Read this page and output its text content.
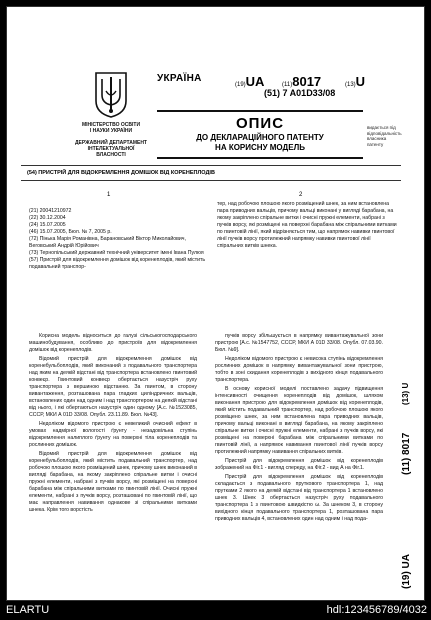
МІНІСТЕРСТВО ОСВІТИ
І НАУКИ УКРАЇНИ
ДЕРЖАВНИЙ ДЕПАРТАМЕНТ
ІНТЕЛЕКТУАЛЬНОЇ
ВЛАСНОСТІ
УКРАЇНА
(19)UA	(11)8017	(13)U
(51) 7 A01D33/08
ОПИС
ДО ДЕКЛАРАЦІЙНОГО ПАТЕНТУ
НА КОРИСНУ МОДЕЛЬ
видається під
відповідальність
власника
патенту
(54) ПРИСТРІЙ ДЛЯ ВІДОКРЕМЛЕННЯ ДОМІШОК ВІД КОРЕНЕПЛОДІВ
1	2
(21) 20041210972
(22) 30.12.2004
(24) 15.07.2005
(46) 15.07.2005, Бюл. № 7, 2005 р.
(72) Пінька Марія Романівна, Барановський Віктор Миколайович, Веговський Андрій Юрійович
(73) Тернопільський державний технічний університет імені Івана Пулюя
(57) Пристрій для відокремлення домішок від коренеплодів, який містить подавальний транспор-
тер, над робочою плошою якого розміщений шнек, за ним встановлена пара приводних вальців, причому вальці виконані у вигляді барабана, на якому закріплено спіральне витки і очисні пружні елементи, набрані з пучків ворсу, які розміщені на поверхні барабана між спіральними витками по гвинтовій лінії, який відрізняється тим, що напрямок навивки гвинтової лінії пучків ворсу протилежний напрямку навивки гвинтової лінії спіральних витків шнека.

Корисна модель відноситься до галузі сільськогосподарського машинобудування, особливо до пристроїв для відокремлення домішок від коренеплодів.

Відомий пристрій для відокремлення домішок від коренебульбоплодів, який виконаний з подавального транспортера над яким на деякій відстані від транспортера встановлено гвинтовий конвеєр. Гвинтовий конвеєр обертається назустріч руху транспортера з вершиною відстанню. За гвинтом, в сторону вивантаження, розташована пара гладких циліндричних вальців, встановлених один над одним і над транспортером на деякій відстані від нього, і які обертаються назустріч один одному [А.с. №1523085, СССР, МКИ А 01D 33/08. Опубл. 23.11.89. Бюл. №43].

Недоліком відомого пристрою є невеликий очисний ефект в умовах надмірної вологості ґрунту - незадовільна ступінь відокремлення налиплого ґрунту на поверхні тіла коренеплодів та рослинних домішок.

Відомий пристрій для відокремлення домішок від коренебульбоплодів, який містить подавальний транспортер, над робочою плошою якого розміщений шнек, причому шнек виконаний в вигляді барабана, на якому закріплено спіральне витки і очисні пружні елементи, набрані з пучків ворсу, які розміщені на поверхні барабана між спіральними витками по гвинтовій лінії. Очисні пружні елементи, набрані з пучків ворсу, розташовані по гвинтовій лінії, що має направлення навивання однакове зі спіральними витками шнека. Крім того ворстість

пучків ворсу збільшується в напрямку вивантажувальної зони пристрою [А.с. №1547752, СССР, МКИ А 01D 33/08. Опубл. 07.03.90. Бюл. №9].

Недоліком відомого пристрою є невисока ступінь відокремлення рослинних домішок в напрямку вивантажувальної зони пристрою, тобто в зоні скидання коренеплодів з вихідного кінця подавального транспортера.

В основу корисної моделі поставлено задачу підвищення інтенсивності очищення коренеплодів від домішок, шляхом виконання пристрою для відокремлення домішок від коренеплодів, який містить подавальний транспортер, над робочою плошою якого розміщено шнек, за ним встановлена пара приводних вальців, причому вальці виконані в вигляді барабана, на якому закріплено спіральне витки і очисні пружні елементи, набрані з пучків ворсу, які розміщені на поверхні барабана між спіральними витками по гвинтовій лінії, а напрямок навивання гвинтової лінії пучків ворсу протилежний напрямку навивання спіральних витків.

Пристрій для відокремлення домішок від коренеплодів зображений на Фіг.1 - вигляд спереду, на Фіг.2 - вид А на Фіг.1.

Пристрій для відокремлення домішок від коренеплодів складається з подавального пруткового транспортера 1, над прутками 2 якого на деякій відстані від транспортера 1 встановлено шнек 3. Шнек 3 обертається назустріч руху подавального транспортера 1 з гвинтовою швидкістю ω. За шнеком 3, в сторону вихідного кінця подавального транспортера 1, розташована пара приводних вальців 4, встановлених один над одним і над пода-

(13) U
(11) 8017
(19) UA
ELARTU	hdl:123456789/4032
